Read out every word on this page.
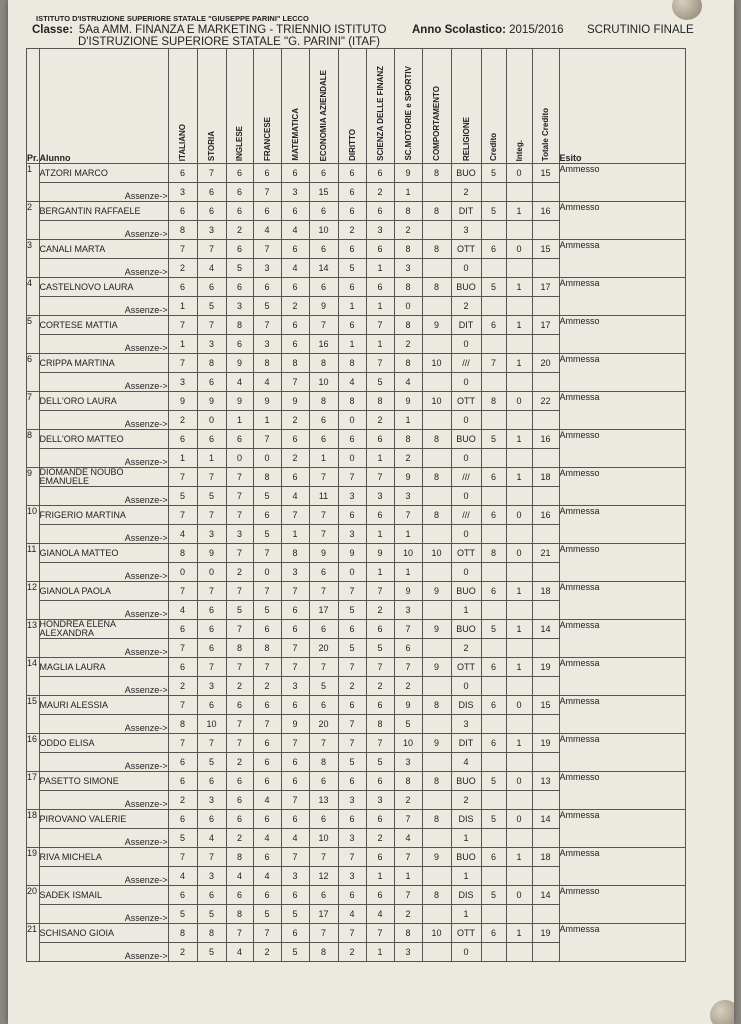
ISTITUTO D'ISTRUZIONE SUPERIORE STATALE "GIUSEPPE PARINI" LECCO
Classe: 5Aa AMM. FINANZA E MARKETING - TRIENNIO ISTITUTO Anno Scolastico: 2015/2016 SCRUTINIO FINALE
D'ISTRUZIONE SUPERIORE STATALE "G. PARINI" (ITAF)
Pr.	Alunno	ITALIANO	STORIA	INGLESE	FRANCESE	MATEMATICA	ECONOMIA AZIENDALE	DIRITTO	SCIENZA DELLE FINANZ	SC.MOTORIE e SPORTIV	COMPORTAMENTO	RELIGIONE	Credito	Integ.	Totale Credito	Esito
1	ATZORI MARCO	6	7	6	6	6	6	6	6	9	8	BUO	5	0	15	Ammesso
	Assenze->	3	6	6	7	3	15	6	2	1		2				
2	BERGANTIN RAFFAELE	6	6	6	6	6	6	6	6	8	8	DIT	5	1	16	Ammesso
	Assenze->	8	3	2	4	4	10	2	3	2		3				
3	CANALI MARTA	7	7	6	7	6	6	6	6	8	8	OTT	6	0	15	Ammessa
	Assenze->	2	4	5	3	4	14	5	1	3		0				
4	CASTELNOVO LAURA	6	6	6	6	6	6	6	6	8	8	BUO	5	1	17	Ammessa
	Assenze->	1	5	3	5	2	9	1	1	0		2				
5	CORTESE MATTIA	7	7	8	7	6	7	6	7	8	9	DIT	6	1	17	Ammesso
	Assenze->	1	3	6	3	6	16	1	1	2		0				
6	CRIPPA MARTINA	7	8	9	8	8	8	8	7	8	10	///	7	1	20	Ammessa
	Assenze->	3	6	4	4	7	10	4	5	4		0				
7	DELL'ORO LAURA	9	9	9	9	9	8	8	8	9	10	OTT	8	0	22	Ammessa
	Assenze->	2	0	1	1	2	6	0	2	1		0				
8	DELL'ORO MATTEO	6	6	6	7	6	6	6	6	8	8	BUO	5	1	16	Ammesso
	Assenze->	1	1	0	0	2	1	0	1	2		0				
9	DIOMANDE NOUBO EMANUELE	7	7	7	8	6	7	7	7	9	8	///	6	1	18	Ammesso
	Assenze->	5	5	7	5	4	11	3	3	3		0				
10	FRIGERIO MARTINA	7	7	7	6	7	7	6	6	7	8	///	6	0	16	Ammessa
	Assenze->	4	3	3	5	1	7	3	1	1		0				
11	GIANOLA MATTEO	8	9	7	7	8	9	9	9	10	10	OTT	8	0	21	Ammesso
	Assenze->	0	0	2	0	3	6	0	1	1		0				
12	GIANOLA PAOLA	7	7	7	7	7	7	7	7	9	9	BUO	6	1	18	Ammessa
	Assenze->	4	6	5	5	6	17	5	2	3		1				
13	HONDREA ELENA ALEXANDRA	6	6	7	6	6	6	6	6	7	9	BUO	5	1	14	Ammessa
	Assenze->	7	6	8	8	7	20	5	5	6		2				
14	MAGLIA LAURA	6	7	7	7	7	7	7	7	7	9	OTT	6	1	19	Ammessa
	Assenze->	2	3	2	2	3	5	2	2	2		0				
15	MAURI ALESSIA	7	6	6	6	6	6	6	6	9	8	DIS	6	0	15	Ammessa
	Assenze->	8	10	7	7	9	20	7	8	5		3				
16	ODDO ELISA	7	7	7	6	7	7	7	7	10	9	DIT	6	1	19	Ammessa
	Assenze->	6	5	2	6	6	8	5	5	3		4				
17	PASETTO SIMONE	6	6	6	6	6	6	6	6	8	8	BUO	5	0	13	Ammesso
	Assenze->	2	3	6	4	7	13	3	3	2		2				
18	PIROVANO VALERIE	6	6	6	6	6	6	6	6	7	8	DIS	5	0	14	Ammessa
	Assenze->	5	4	2	4	4	10	3	2	4		1				
19	RIVA MICHELA	7	7	8	6	7	7	7	6	7	9	BUO	6	1	18	Ammessa
	Assenze->	4	3	4	4	3	12	3	1	1		1				
20	SADEK ISMAIL	6	6	6	6	6	6	6	6	7	8	DIS	5	0	14	Ammesso
	Assenze->	5	5	8	5	5	17	4	4	2		1				
21	SCHISANO GIOIA	8	8	7	7	6	7	7	7	8	10	OTT	6	1	19	Ammessa
	Assenze->	2	5	4	2	5	8	2	1	3		0				
